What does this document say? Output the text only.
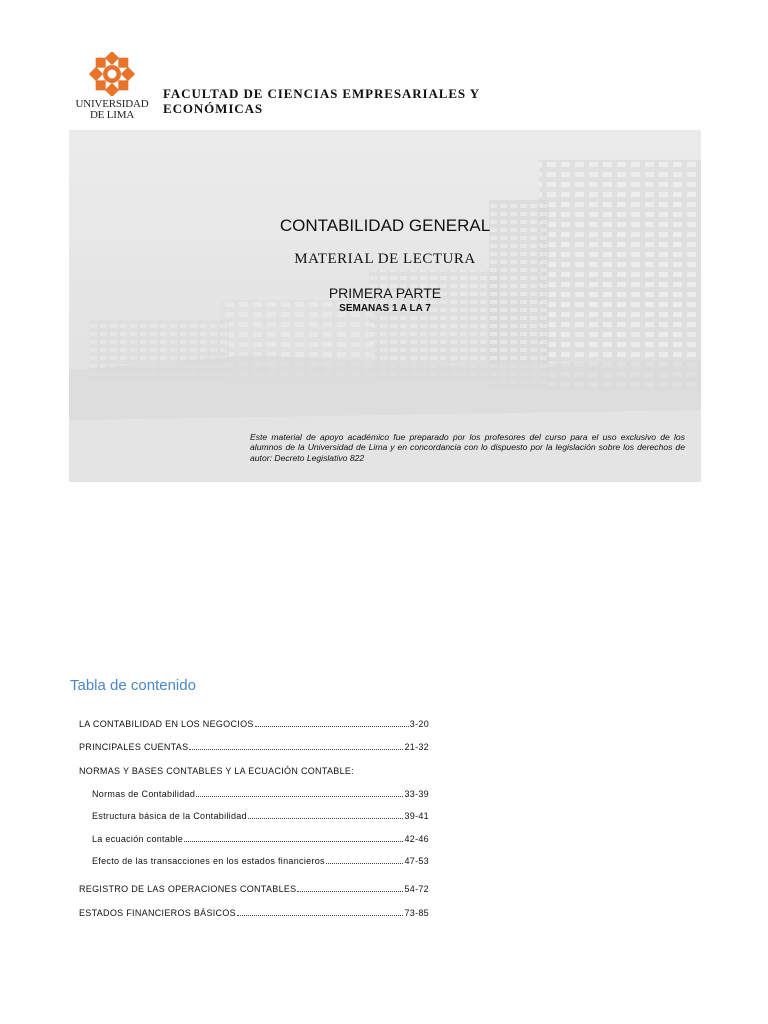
UNIVERSIDAD
DE LIMA
FACULTAD DE CIENCIAS EMPRESARIALES Y
ECONÓMICAS
CONTABILIDAD GENERAL
MATERIAL DE LECTURA
PRIMERA PARTE
SEMANAS 1 A LA 7
Este material de apoyo académico fue preparado por los profesores del curso para el uso exclusivo de los alumnos de la Universidad de Lima y en concordancia con lo dispuesto por la legislación sobre los derechos de autor: Decreto Legislativo 822
Tabla de contenido
LA CONTABILIDAD EN LOS NEGOCIOS	3-20
PRINCIPALES CUENTAS	21-32
NORMAS Y BASES CONTABLES Y LA ECUACIÓN CONTABLE:
Normas de Contabilidad	33-39
Estructura básica de la Contabilidad	39-41
La ecuación contable	42-46
Efecto de las transacciones en los estados financieros	47-53
REGISTRO DE LAS OPERACIONES CONTABLES	54-72
ESTADOS FINANCIEROS BÁSICOS	73-85
